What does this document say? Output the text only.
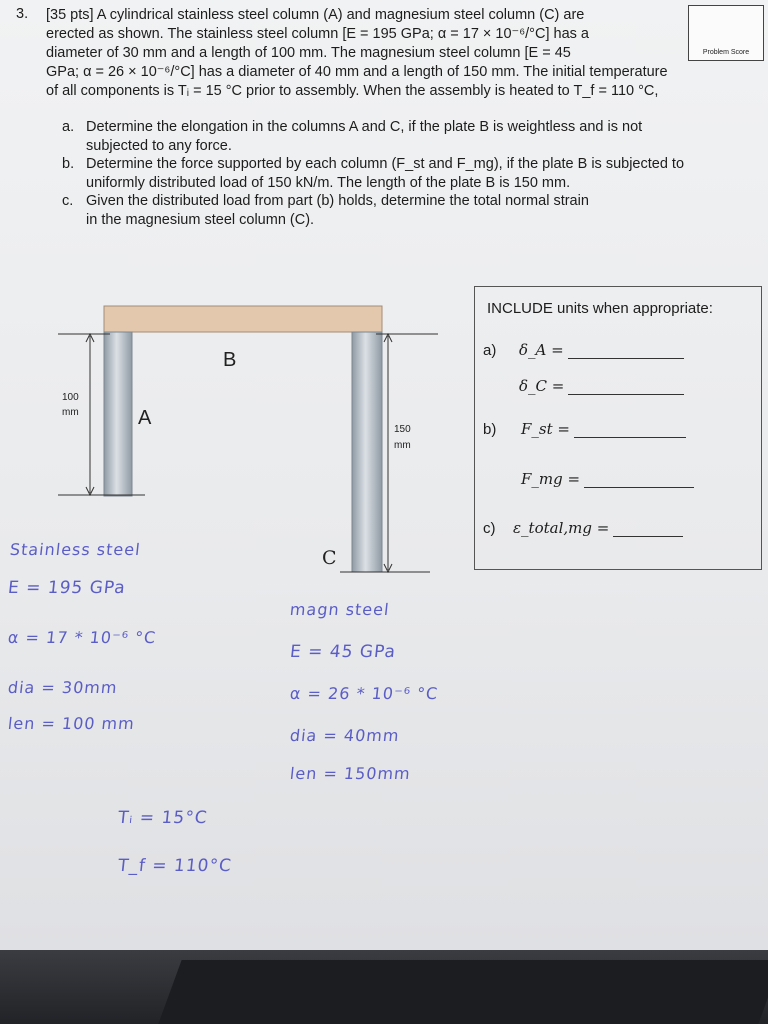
3. [35 pts] A cylindrical stainless steel column (A) and magnesium steel column (C) are

erected as shown. The stainless steel column [E = 195 GPa; α = 17 × 10⁻⁶/°C] has a

diameter of 30 mm and a length of 100 mm. The magnesium steel column [E = 45

GPa; α = 26 × 10⁻⁶/°C] has a diameter of 40 mm and a length of 150 mm. The initial temperature

of all components is Tᵢ = 15 °C prior to assembly. When the assembly is heated to T_f = 110 °C,

Problem Score
a. Determine the elongation in the columns A and C, if the plate B is weightless and is not
subjected to any force.
b. Determine the force supported by each column (F_st and F_mg), if the plate B is subjected to
uniformly distributed load of 150 kN/m. The length of the plate B is 150 mm.
c. Given the distributed load from part (b) holds, determine the total normal strain
in the magnesium steel column (C).
B
A
100
mm
150
mm
C
INCLUDE units when appropriate:
a)	δ_A =
δ_C =
b)	F_st =
F_mg =
c)	ε_total,mg =
Stainless steel
E = 195 GPa
α = 17 * 10⁻⁶ °C
dia = 30mm
len = 100 mm
magn steel
E = 45 GPa
α = 26 * 10⁻⁶ °C
dia = 40mm
len = 150mm
Tᵢ = 15°C
T_f = 110°C
